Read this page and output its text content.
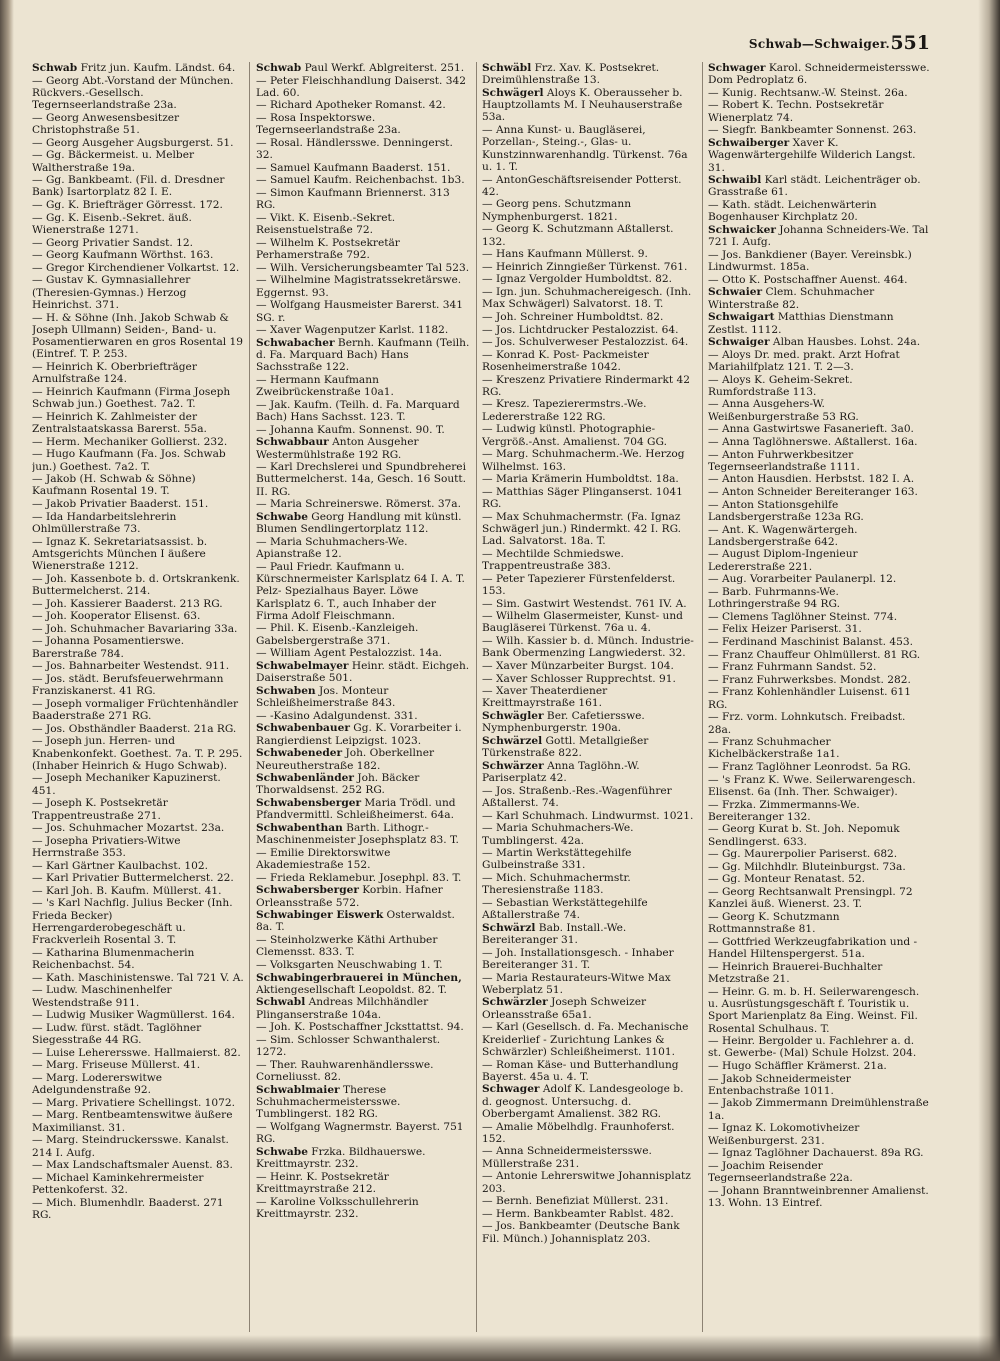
Schwab—Schwaiger. 551
Schwab Fritz jun. Kaufm. Ländst. 64.
— Georg Abt.-Vorstand der München. Rückvers.-Gesellsch. Tegernseerlandstraße 23a.
— Georg Anwesensbesitzer Christophstraße 51.
— Georg Ausgeher Augsburgerst. 51.
— Gg. Bäckermeist. u. Melber Waltherstraße 19a.
— Gg. Bankbeamt. (Fil. d. Dresdner Bank) Isartorplatz 82 I. E.
— Gg. K. Briefträger Görresst. 172.
— Gg. K. Eisenb.-Sekret. äuß. Wienerstraße 1271.
— Georg Privatier Sandst. 12.
— Georg Kaufmann Wörthst. 163.
— Gregor Kirchendiener Volkartst. 12.
— Gustav K. Gymnasiallehrer (Theresien-Gymnas.) Herzog Heinrichst. 371.
— H. & Söhne (Inh. Jakob Schwab & Joseph Ullmann) Seiden-, Band- u. Posamentierwaren en gros Rosental 19 (Eintref. T. P. 253.
— Heinrich K. Oberbriefträger Arnulfstraße 124.
— Heinrich Kaufmann (Firma Joseph Schwab jun.) Goethest. 7a2. T.
— Heinrich K. Zahlmeister der Zentralstaatskassa Barerst. 55a.
— Herm. Mechaniker Gollierst. 232.
— Hugo Kaufmann (Fa. Jos. Schwab jun.) Goethest. 7a2. T.
— Jakob (H. Schwab & Söhne) Kaufmann Rosental 19. T.
— Jakob Privatier Baaderst. 151.
— Ida Handarbeitslehrerin Ohlmüllerstraße 73.
— Ignaz K. Sekretariatsassist. b. Amtsgerichts München I äußere Wienerstraße 1212.
— Joh. Kassenbote b. d. Ortskrankenk. Buttermelcherst. 214.
— Joh. Kassierer Baaderst. 213 RG.
— Joh. Kooperator Elisenst. 63.
— Joh. Schuhmacher Bavariaring 33a.
— Johanna Posamentierswe. Barerstraße 784.
— Jos. Bahnarbeiter Westendst. 911.
— Jos. städt. Berufsfeuerwehrmann Franziskanerst. 41 RG.
— Joseph vormaliger Früchtenhändler Baaderstraße 271 RG.
— Jos. Obsthändler Baaderst. 21a RG.
— Joseph jun. Herren- und Knabenkonfekt. Goethest. 7a. T. P. 295. (Inhaber Heinrich & Hugo Schwab).
— Joseph Mechaniker Kapuzinerst. 451.
— Joseph K. Postsekretär Trappentreustraße 271.
— Jos. Schuhmacher Mozartst. 23a.
— Josepha Privatiers-Witwe Herrnstraße 353.
— Karl Gärtner Kaulbachst. 102.
— Karl Privatier Buttermelcherst. 22.
— Karl Joh. B. Kaufm. Müllerst. 41.
— 's Karl Nachflg. Julius Becker (Inh. Frieda Becker) Herrengarderobegeschäft u. Frackverleih Rosental 3. T.
— Katharina Blumenmacherin Reichenbachst. 54.
— Kath. Maschinistenswe. Tal 721 V. A.
— Ludw. Maschinenhelfer Westendstraße 911.
— Ludwig Musiker Wagmüllerst. 164.
— Ludw. fürst. städt. Taglöhner Siegesstraße 44 RG.
— Luise Leherersswe. Hallmaierst. 82.
— Marg. Friseuse Müllerst. 41.
— Marg. Lodererswitwe Adelgundenstraße 92.
— Marg. Privatiere Schellingst. 1072.
— Marg. Rentbeamtenswitwe äußere Maximilianst. 31.
— Marg. Steindruckersswe. Kanalst. 214 I. Aufg.
— Max Landschaftsmaler Auenst. 83.
— Michael Kaminkehrermeister Pettenkoferst. 32.
— Mich. Blumenhdlr. Baaderst. 271 RG.
Schwab Paul Werkf. Ablgreiterst. 251.
— Peter Fleischhandlung Daiserst. 342 Lad. 60.
— Richard Apotheker Romanst. 42.
— Rosa Inspektorswe. Tegernseerlandstraße 23a.
— Rosal. Händlersswe. Denningerst. 32.
— Samuel Kaufmann Baaderst. 151.
— Samuel Kaufm. Reichenbachst. 1b3.
— Simon Kaufmann Briennerst. 313 RG.
— Vikt. K. Eisenb.-Sekret. Reisenstuelstraße 72.
— Wilhelm K. Postsekretär Perhamerstraße 792.
— Wilh. Versicherungsbeamter Tal 523.
— Wilhelmine Magistratssekretärswe. Eggernst. 93.
— Wolfgang Hausmeister Barerst. 341 SG. r.
— Xaver Wagenputzer Karlst. 1182.
Schwabacher Bernh. Kaufmann (Teilh. d. Fa. Marquard Bach) Hans Sachsstraße 122.
— Hermann Kaufmann Zweibrückenstraße 10a1.
— Jak. Kaufm. (Teilh. d. Fa. Marquard Bach) Hans Sachsst. 123. T.
— Johanna Kaufm. Sonnenst. 90. T.
Schwabbaur Anton Ausgeher Westermühlstraße 192 RG.
— Karl Drechslerei und Spundbreherei Buttermelcherst. 14a, Gesch. 16 Soutt. II. RG.
— Maria Schreinerswe. Römerst. 37a.
Schwabe Georg Handlung mit künstl. Blumen Sendlingertorplatz 112.
— Maria Schuhmachers-We. Apianstraße 12.
— Paul Friedr. Kaufmann u. Kürschnermeister Karlsplatz 64 I. A. T. Pelz- Spezialhaus Bayer. Löwe Karlsplatz 6. T., auch Inhaber der Firma Adolf Fleischmann.
— Phil. K. Eisenb.-Kanzleigeh. Gabelsbergerstraße 371.
— William Agent Pestalozzist. 14a.
Schwabelmayer Heinr. städt. Eichgeh. Daiserstraße 501.
Schwaben Jos. Monteur Schleißheimerstraße 843.
— -Kasino Adalgundenst. 331.
Schwabenbauer Gg. K. Vorarbeiter i. Rangierdienst Leipzigst. 1023.
Schwabeneder Joh. Oberkellner Neureutherstraße 182.
Schwabenländer Joh. Bäcker Thorwaldsenst. 252 RG.
Schwabensberger Maria Trödl. und Pfandvermittl. Schleißheimerst. 64a.
Schwabenthan Barth. Lithogr.-Maschinenmeister Josephsplatz 83. T.
— Emilie Direktorswitwe Akademiestraße 152.
— Frieda Reklamebur. Josephpl. 83. T.
Schwabersberger Korbin. Hafner Orleansstraße 572.
Schwabinger Eiswerk Osterwaldst. 8a. T.
— Steinholzwerke Käthi Arthuber Clemensst. 833. T.
— Volksgarten Neuschwabing 1. T.
Schwabingerbrauerei in München, Aktiengesellschaft Leopoldst. 82. T.
Schwabl Andreas Milchhändler Plinganserstraße 104a.
— Joh. K. Postschaffner Jcksttattst. 94.
— Sim. Schlosser Schwanthalerst. 1272.
— Ther. Rauhwarenhändlersswe. Corneliusst. 82.
Schwablmaier Therese Schuhmachermeistersswe. Tumblingerst. 182 RG.
— Wolfgang Wagnermstr. Bayerst. 751 RG.
Schwabe Frzka. Bildhauerswe. Kreittmayrstr. 232.
— Heinr. K. Postsekretär Kreittmayrstraße 212.
— Karoline Volksschullehrerin Kreittmayrstr. 232.
Schwäbl Frz. Xav. K. Postsekret. Dreimühlenstraße 13.
Schwägerl Aloys K. Oberausseher b. Hauptzollamts M. I Neuhauserstraße 53a.
— Anna Kunst- u. Baugläserei, Porzellan-, Steing.-, Glas- u. Kunstzinnwarenhandlg. Türkenst. 76a u. 1. T.
— AntonGeschäftsreisender Potterst. 42.
— Georg pens. Schutzmann Nymphenburgerst. 1821.
— Georg K. Schutzmann Aßtallerst. 132.
— Hans Kaufmann Müllerst. 9.
— Heinrich Zinngießer Türkenst. 761.
— Ignaz Vergolder Humboldtst. 82.
— Ign. jun. Schuhmachereigesch. (Inh. Max Schwägerl) Salvatorst. 18. T.
— Joh. Schreiner Humboldtst. 82.
— Jos. Lichtdrucker Pestalozzist. 64.
— Jos. Schulverweser Pestalozzist. 64.
— Konrad K. Post- Packmeister Rosenheimerstraße 1042.
— Kreszenz Privatiere Rindermarkt 42 RG.
— Kresz. Tapezierermstrs.-We. Ledererstraße 122 RG.
— Ludwig künstl. Photographie-Vergröß.-Anst. Amalienst. 704 GG.
— Marg. Schuhmacherm.-We. Herzog Wilhelmst. 163.
— Maria Krämerin Humboldtst. 18a.
— Matthias Säger Plinganserst. 1041 RG.
— Max Schuhmachermstr. (Fa. Ignaz Schwägerl jun.) Rindermkt. 42 I. RG. Lad. Salvatorst. 18a. T.
— Mechtilde Schmiedswe. Trappentreustraße 383.
— Peter Tapezierer Fürstenfelderst. 153.
— Sim. Gastwirt Westendst. 761 IV. A.
— Wilhelm Glasermeister, Kunst- und Baugläserei Türkenst. 76a u. 4.
— Wilh. Kassier b. d. Münch. Industrie-Bank Obermenzing Langwiederst. 32.
— Xaver Münzarbeiter Burgst. 104.
— Xaver Schlosser Rupprechtst. 91.
— Xaver Theaterdiener Kreittmayrstraße 161.
Schwägler Ber. Cafetiersswe. Nymphenburgerstr. 190a.
Schwärzel Gottl. Metallgießer Türkenstraße 822.
Schwärzer Anna Taglöhn.-W. Pariserplatz 42.
— Jos. Straßenb.-Res.-Wagenführer Aßtallerst. 74.
— Karl Schuhmach. Lindwurmst. 1021.
— Maria Schuhmachers-We. Tumblingerst. 42a.
— Martin Werkstättegehilfe Gulbeinstraße 331.
— Mich. Schuhmachermstr. Theresienstraße 1183.
— Sebastian Werkstättegehilfe Aßtallerstraße 74.
Schwärzl Bab. Install.-We. Bereiteranger 31.
— Joh. Installationsgesch. - Inhaber Bereiteranger 31. T.
— Maria Restaurateurs-Witwe Max Weberplatz 51.
Schwärzler Joseph Schweizer Orleansstraße 65a1.
— Karl (Gesellsch. d. Fa. Mechanische Kreiderlief - Zurichtung Lankes & Schwärzler) Schleißheimerst. 1101.
— Roman Käse- und Butterhandlung Bayerst. 45a u. 4. T.
Schwager Adolf K. Landesgeologe b. d. geognost. Untersuchg. d. Oberbergamt Amalienst. 382 RG.
— Amalie Möbelhdlg. Fraunhoferst. 152.
— Anna Schneidermeistersswe. Müllerstraße 231.
— Antonie Lehrerswitwe Johannisplatz 203.
— Bernh. Benefiziat Müllerst. 231.
— Herm. Bankbeamter Rablst. 482.
— Jos. Bankbeamter (Deutsche Bank Fil. Münch.) Johannisplatz 203.
Schwager Karol. Schneidermeistersswe. Dom Pedroplatz 6.
— Kunig. Rechtsanw.-W. Steinst. 26a.
— Robert K. Techn. Postsekretär Wienerplatz 74.
— Siegfr. Bankbeamter Sonnenst. 263.
Schwaiberger Xaver K. Wagenwärtergehilfe Wilderich Langst. 31.
Schwaibl Karl städt. Leichenträger ob. Grasstraße 61.
— Kath. städt. Leichenwärterin Bogenhauser Kirchplatz 20.
Schwaicker Johanna Schneiders-We. Tal 721 I. Aufg.
— Jos. Bankdiener (Bayer. Vereinsbk.) Lindwurmst. 185a.
— Otto K. Postschaffner Auenst. 464.
Schwaier Clem. Schuhmacher Winterstraße 82.
Schwaigart Matthias Dienstmann Zestlst. 1112.
Schwaiger Alban Hausbes. Lohst. 24a.
— Aloys Dr. med. prakt. Arzt Hofrat Mariahilfplatz 121. T. 2—3.
— Aloys K. Geheim-Sekret. Rumfordstraße 113.
— Anna Ausgehers-W. Weißenburgerstraße 53 RG.
— Anna Gastwirtswe Fasanerieft. 3a0.
— Anna Taglöhnerswe. Aßtallerst. 16a.
— Anton Fuhrwerkbesitzer Tegernseerlandstraße 1111.
— Anton Hausdien. Herbstst. 182 I. A.
— Anton Schneider Bereiteranger 163.
— Anton Stationsgehilfe Landsbergerstraße 123a RG.
— Ant. K. Wagenwärtergeh. Landsbergerstraße 642.
— August Diplom-Ingenieur Ledererstraße 221.
— Aug. Vorarbeiter Paulanerpl. 12.
— Barb. Fuhrmanns-We. Lothringerstraße 94 RG.
— Clemens Taglöhner Steinst. 774.
— Felix Heizer Pariserst. 31.
— Ferdinand Maschinist Balanst. 453.
— Franz Chauffeur Ohlmüllerst. 81 RG.
— Franz Fuhrmann Sandst. 52.
— Franz Fuhrwerksbes. Mondst. 282.
— Franz Kohlenhändler Luisenst. 611 RG.
— Frz. vorm. Lohnkutsch. Freibadst. 28a.
— Franz Schuhmacher Kichelbäckerstraße 1a1.
— Franz Taglöhner Leonrodst. 5a RG.
— 's Franz K. Wwe. Seilerwarengesch. Elisenst. 6a (Inh. Ther. Schwaiger).
— Frzka. Zimmermanns-We. Bereiteranger 132.
— Georg Kurat b. St. Joh. Nepomuk Sendlingerst. 633.
— Gg. Maurerpolier Pariserst. 682.
— Gg. Milchhdlr. Bluteinburgst. 73a.
— Gg. Monteur Renatast. 52.
— Georg Rechtsanwalt Prensingpl. 72 Kanzlei äuß. Wienerst. 23. T.
— Georg K. Schutzmann Rottmannstraße 81.
— Gottfried Werkzeugfabrikation und -Handel Hiltenspergerst. 51a.
— Heinrich Brauerei-Buchhalter Metzstraße 21.
— Heinr. G. m. b. H. Seilerwarengesch. u. Ausrüstungsgeschäft f. Touristik u. Sport Marienplatz 8a Eing. Weinst. Fil. Rosental Schulhaus. T.
— Heinr. Bergolder u. Fachlehrer a. d. st. Gewerbe- (Mal) Schule Holzst. 204.
— Hugo Schäffler Krämerst. 21a.
— Jakob Schneidermeister Entenbachstraße 1011.
— Jakob Zimmermann Dreimühlenstraße 1a.
— Ignaz K. Lokomotivheizer Weißenburgerst. 231.
— Ignaz Taglöhner Dachauerst. 89a RG.
— Joachim Reisender Tegernseerlandstraße 22a.
— Johann Branntweinbrenner Amalienst. 13. Wohn. 13 Eintref.
